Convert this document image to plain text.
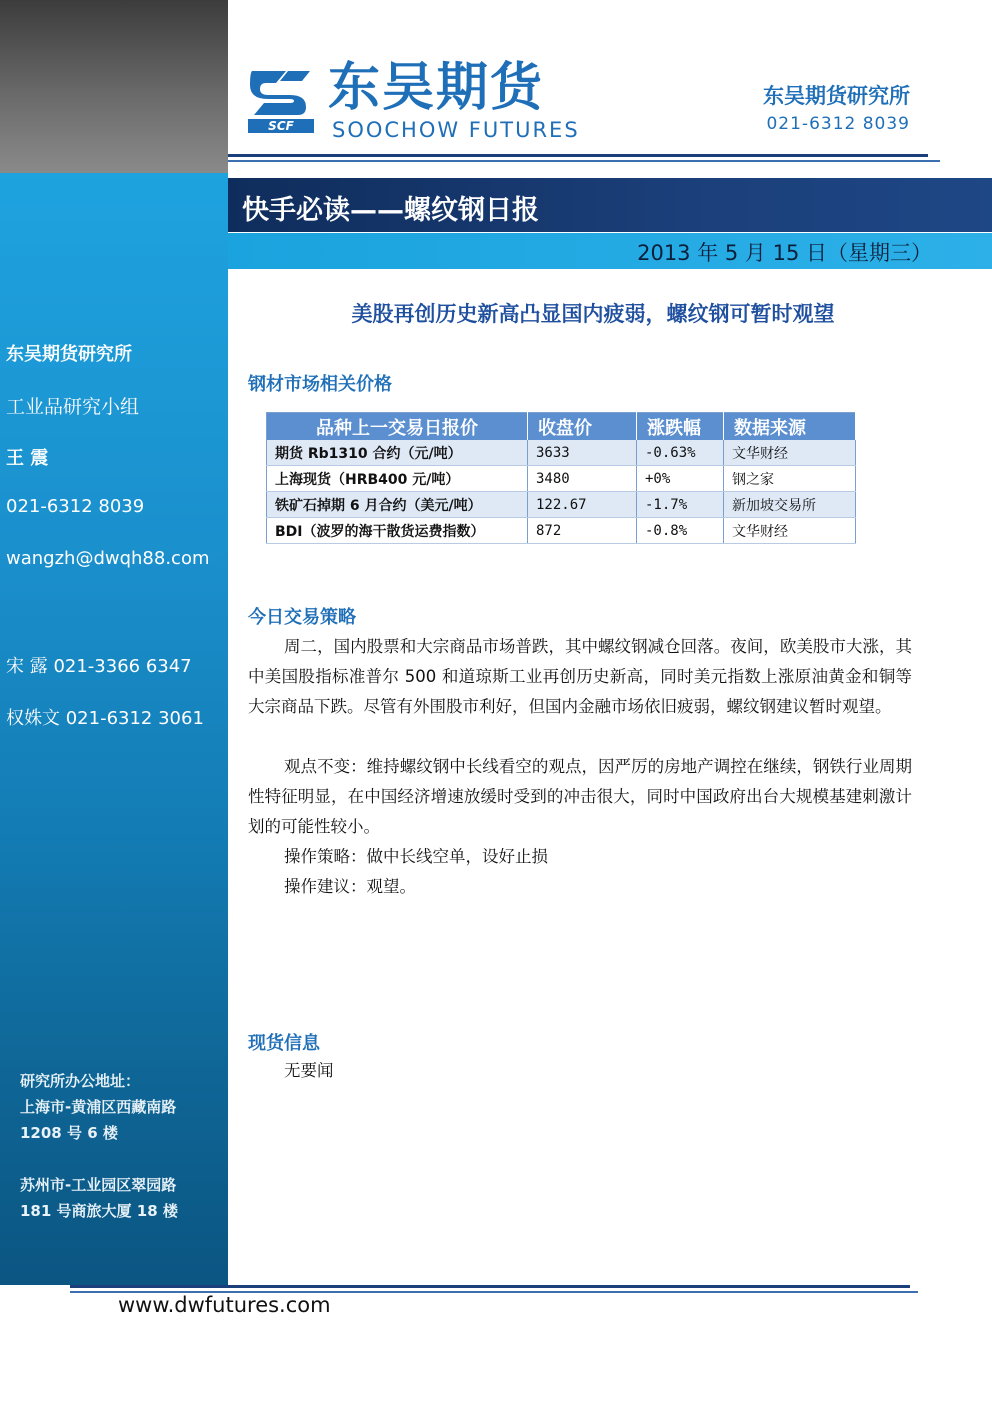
东吴期货研究所
工业品研究小组
王 震
021-6312 8039
wangzh@dwqh88.com
宋 露 021-3366 6347
权姝文 021-6312 3061
研究所办公地址：
上海市-黄浦区西藏南路
1208 号 6 楼
苏州市-工业园区翠园路
181 号商旅大厦 18 楼
SCF
东吴期货
SOOCHOW FUTURES
东吴期货研究所
021-6312 8039
快手必读——螺纹钢日报
2013 年 5 月 15 日（星期三）
美股再创历史新高凸显国内疲弱，螺纹钢可暂时观望
钢材市场相关价格
品种上一交易日报价	收盘价	涨跌幅	数据来源
期货 Rb1310 合约（元/吨）	3633	-0.63%	文华财经
上海现货（HRB400 元/吨）	3480	+0%	钢之家
铁矿石掉期 6 月合约（美元/吨）	122.67	-1.7%	新加坡交易所
BDI（波罗的海干散货运费指数）	872	-0.8%	文华财经
今日交易策略
周二，国内股票和大宗商品市场普跌，其中螺纹钢减仓回落。夜间，欧美股市大涨，其中美国股指标准普尔 500 和道琼斯工业再创历史新高，同时美元指数上涨原油黄金和铜等大宗商品下跌。尽管有外围股市利好，但国内金融市场依旧疲弱，螺纹钢建议暂时观望。
观点不变：维持螺纹钢中长线看空的观点，因严厉的房地产调控在继续，钢铁行业周期性特征明显，在中国经济增速放缓时受到的冲击很大，同时中国政府出台大规模基建刺激计划的可能性较小。
操作策略：做中长线空单，设好止损
操作建议：观望。
现货信息
无要闻
www.dwfutures.com
